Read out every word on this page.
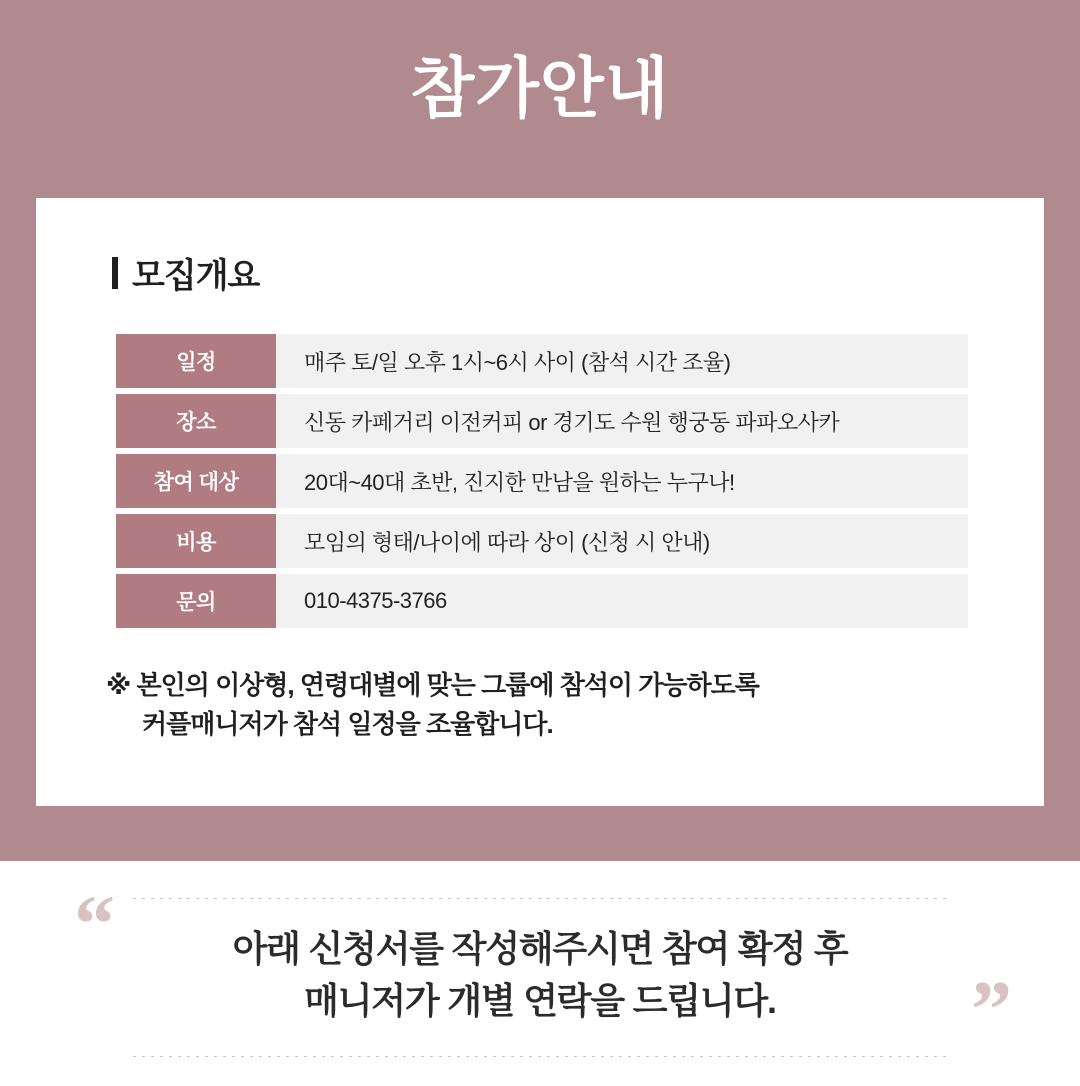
참가안내
모집개요
일정	매주 토/일 오후 1시~6시 사이 (참석 시간 조율)
장소	신동 카페거리 이전커피 or 경기도 수원 행궁동 파파오사카
참여 대상	20대~40대 초반, 진지한 만남을 원하는 누구나!
비용	모임의 형태/나이에 따라 상이 (신청 시 안내)
문의	010-4375-3766
※ 본인의 이상형, 연령대별에 맞는 그룹에 참석이 가능하도록
커플매니저가 참석 일정을 조율합니다.
“	아래 신청서를 작성해주시면 참여 확정 후
매니저가 개별 연락을 드립니다.	”
